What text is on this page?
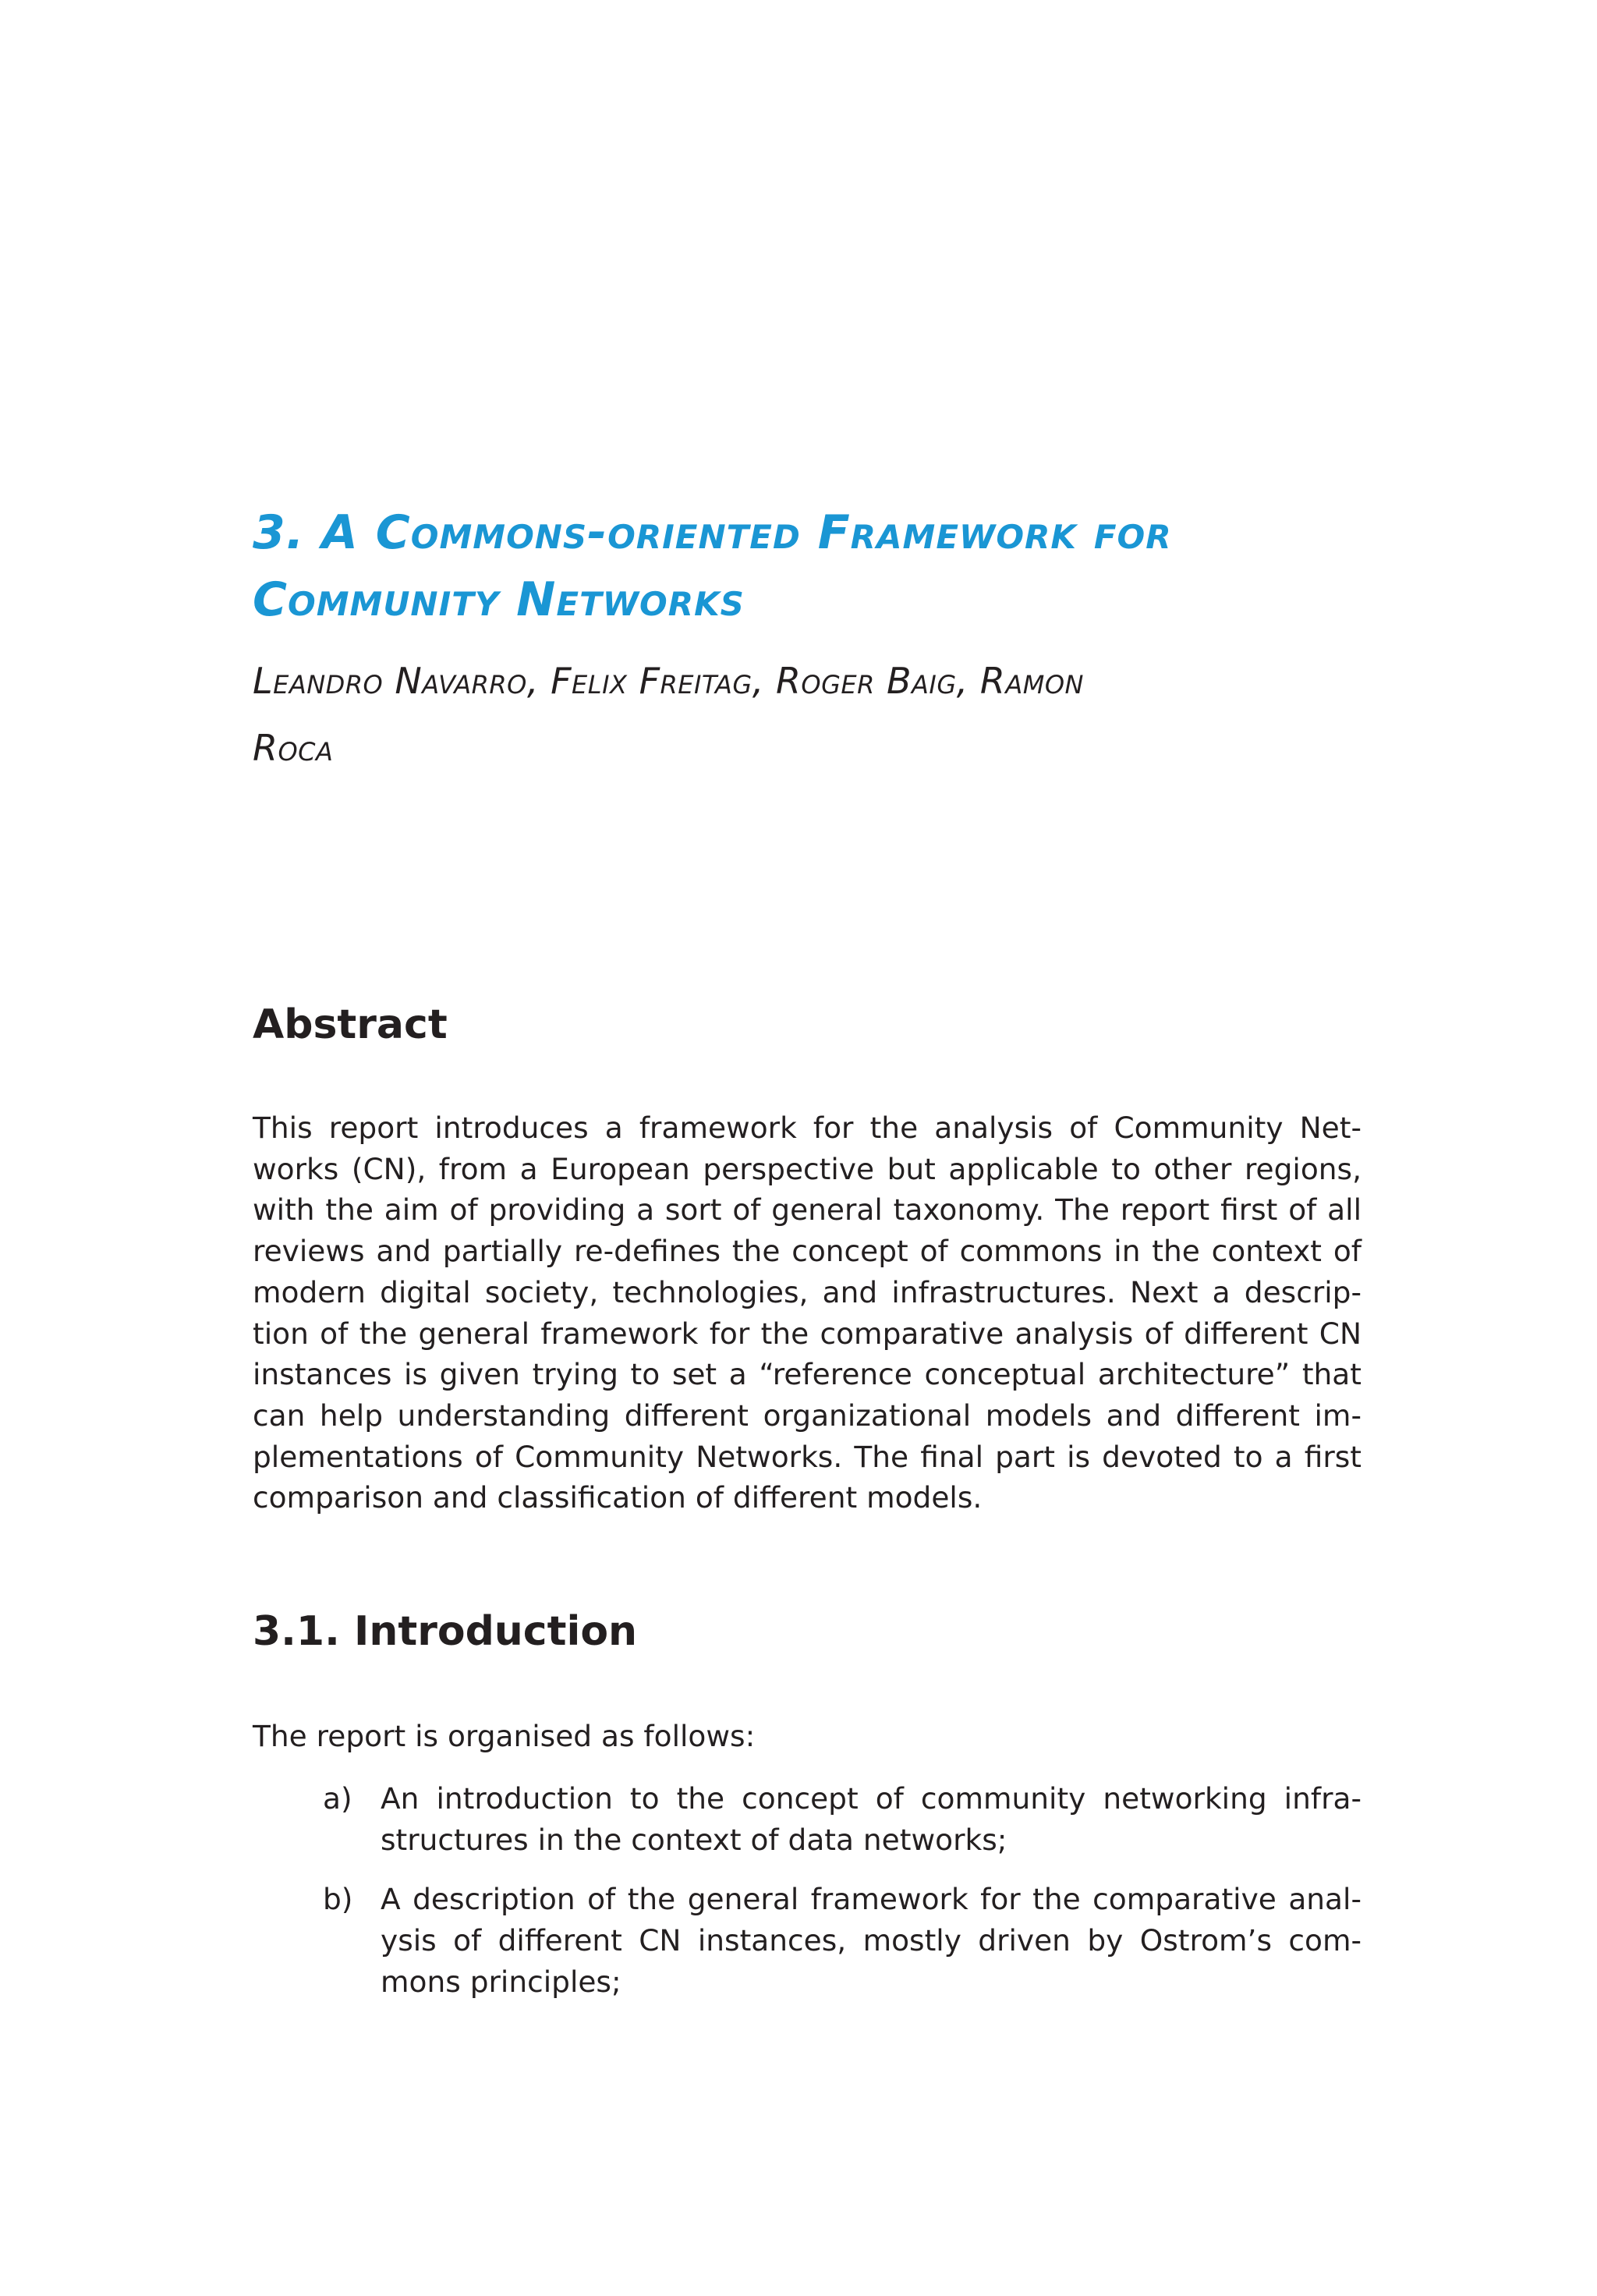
3. A Commons-oriented Framework for
Community Networks

Leandro Navarro, Felix Freitag, Roger Baig, Ramon
Roca

Abstract

This report introduces a framework for the analysis of Community Net-
works (CN), from a European perspective but applicable to other regions,
with the aim of providing a sort of general taxonomy. The report first of all
reviews and partially re-defines the concept of commons in the context of
modern digital society, technologies, and infrastructures. Next a descrip-
tion of the general framework for the comparative analysis of different CN
instances is given trying to set a “reference conceptual architecture” that
can help understanding different organizational models and different im-
plementations of Community Networks. The final part is devoted to a first
comparison and classification of different models.

3.1. Introduction

The report is organised as follows:

a) An introduction to the concept of community networking infra-
structures in the context of data networks;
b) A description of the general framework for the comparative anal-
ysis of different CN instances, mostly driven by Ostrom’s com-
mons principles;
